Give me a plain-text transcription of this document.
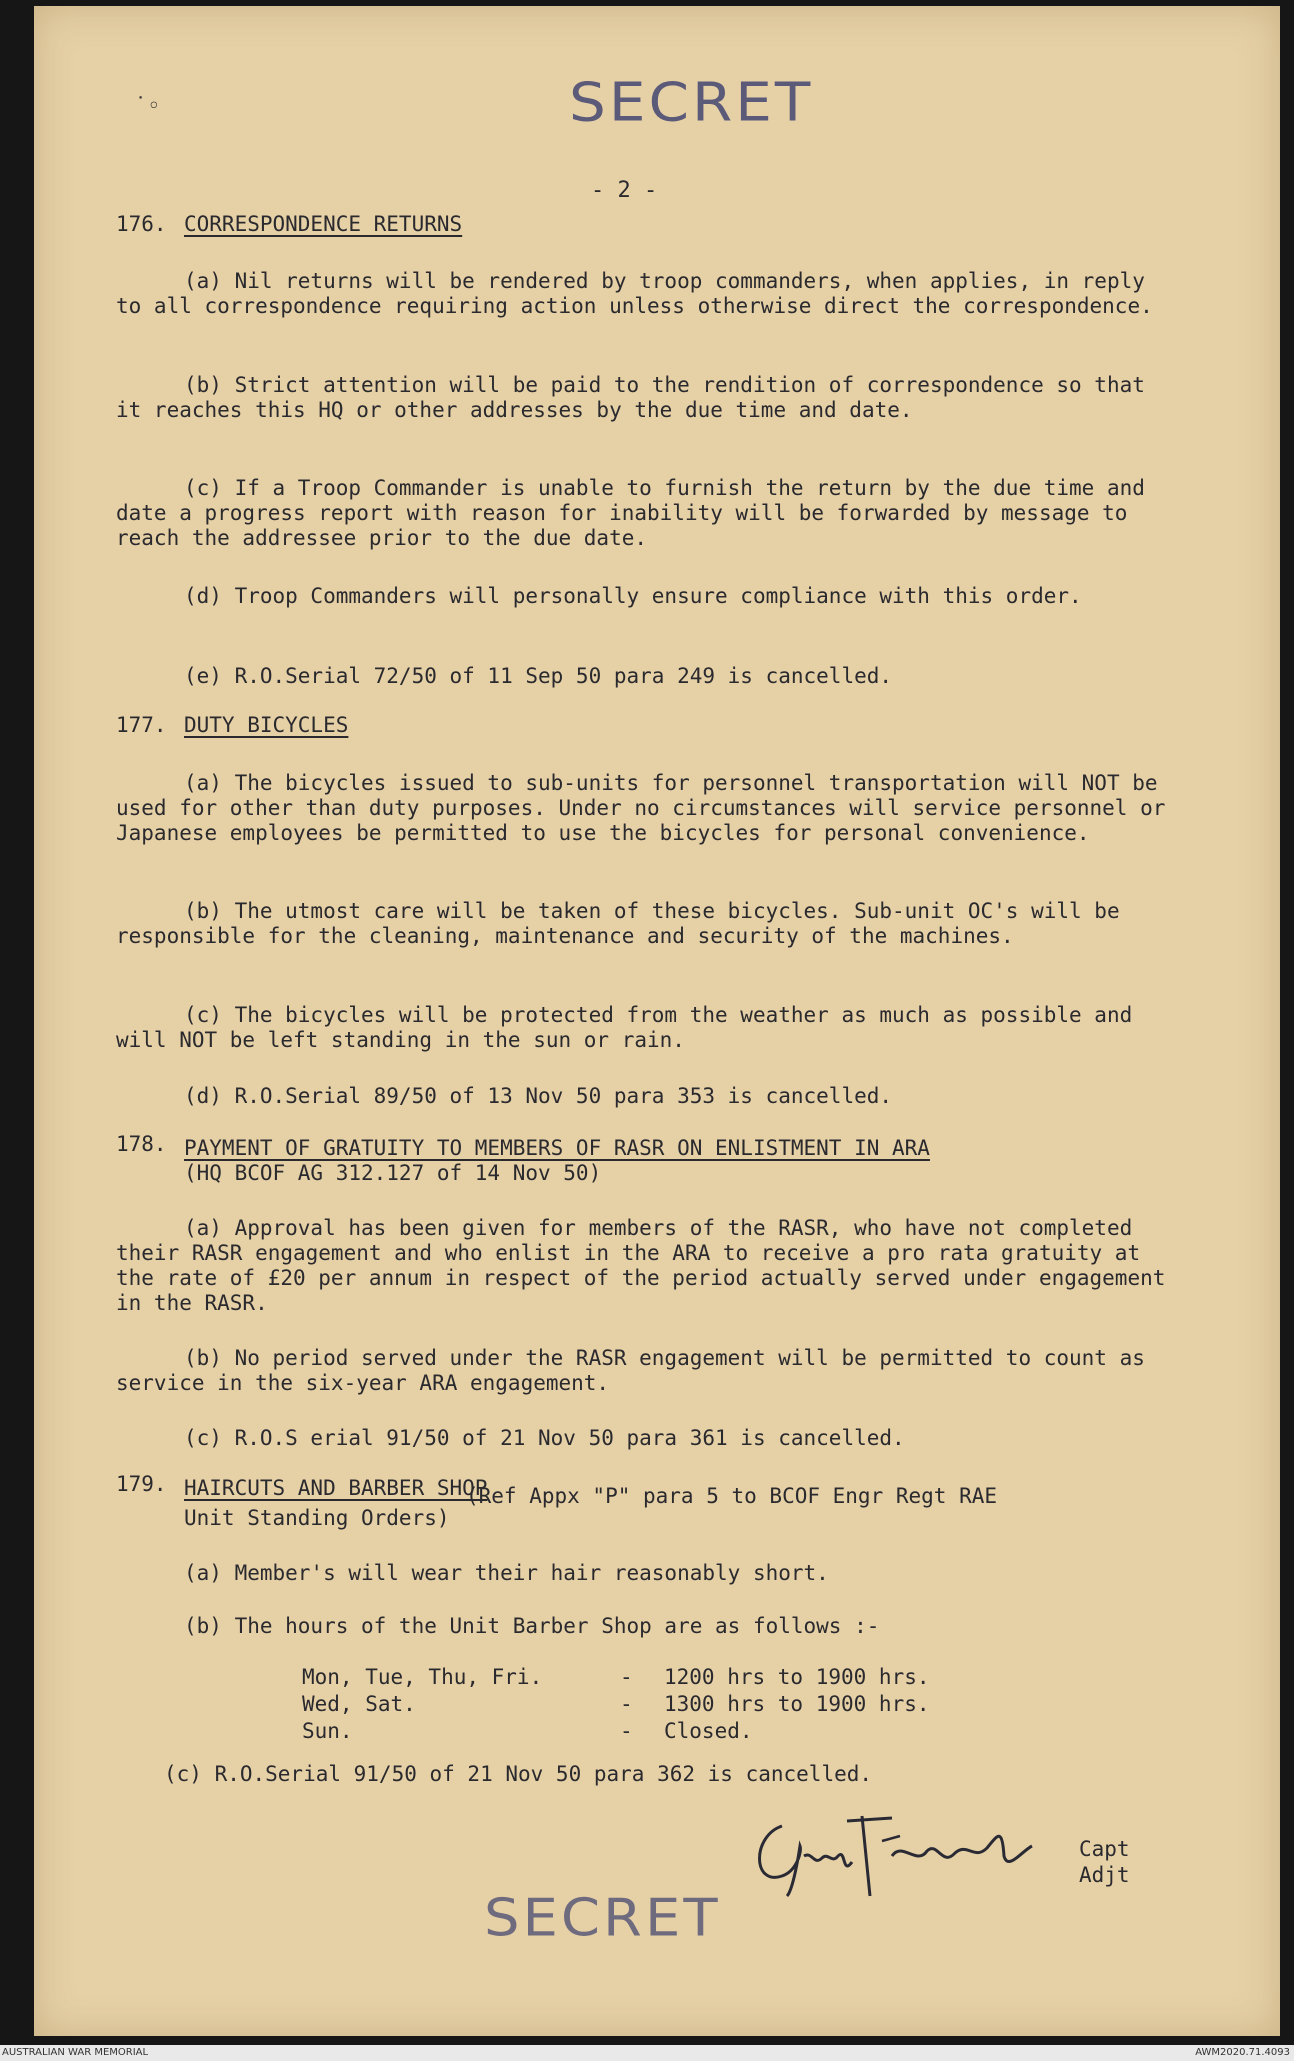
SECRET
˙◦
- 2 -
176. CORRESPONDENCE RETURNS
(a) Nil returns will be rendered by troop commanders, when applies, in reply to all correspondence requiring action unless otherwise direct the correspondence.
(b) Strict attention will be paid to the rendition of correspondence so that it reaches this HQ or other addresses by the due time and date.
(c) If a Troop Commander is unable to furnish the return by the due time and date a progress report with reason for inability will be forwarded by message to reach the addressee prior to the due date.
(d) Troop Commanders will personally ensure compliance with this order.
(e) R.O.Serial 72/50 of 11 Sep 50 para 249 is cancelled.
177. DUTY BICYCLES
(a) The bicycles issued to sub-units for personnel transportation will NOT be used for other than duty purposes. Under no circumstances will service personnel or Japanese employees be permitted to use the bicycles for personal convenience.
(b) The utmost care will be taken of these bicycles. Sub-unit OC's will be responsible for the cleaning, maintenance and security of the machines.
(c) The bicycles will be protected from the weather as much as possible and will NOT be left standing in the sun or rain.
(d) R.O.Serial 89/50 of 13 Nov 50 para 353 is cancelled.
178. PAYMENT OF GRATUITY TO MEMBERS OF RASR ON ENLISTMENT IN ARA
(HQ BCOF AG 312.127 of 14 Nov 50)
(a) Approval has been given for members of the RASR, who have not completed their RASR engagement and who enlist in the ARA to receive a pro rata gratuity at the rate of £20 per annum in respect of the period actually served under engagement in the RASR.
(b) No period served under the RASR engagement will be permitted to count as service in the six-year ARA engagement.
(c) R.O.S erial 91/50 of 21 Nov 50 para 361 is cancelled.
179. HAIRCUTS AND BARBER SHOP
(Ref Appx "P" para 5 to BCOF Engr Regt RAE
Unit Standing Orders)
(a) Member's will wear their hair reasonably short.
(b) The hours of the Unit Barber Shop are as follows :-
Mon, Tue, Thu, Fri.	-	1200 hrs to 1900 hrs.
Wed, Sat.	-	1300 hrs to 1900 hrs.
Sun.	-	Closed.
(c) R.O.Serial 91/50 of 21 Nov 50 para 362 is cancelled.
Capt
Adjt
SECRET
AUSTRALIAN WAR MEMORIAL	AWM2020.71.4093
